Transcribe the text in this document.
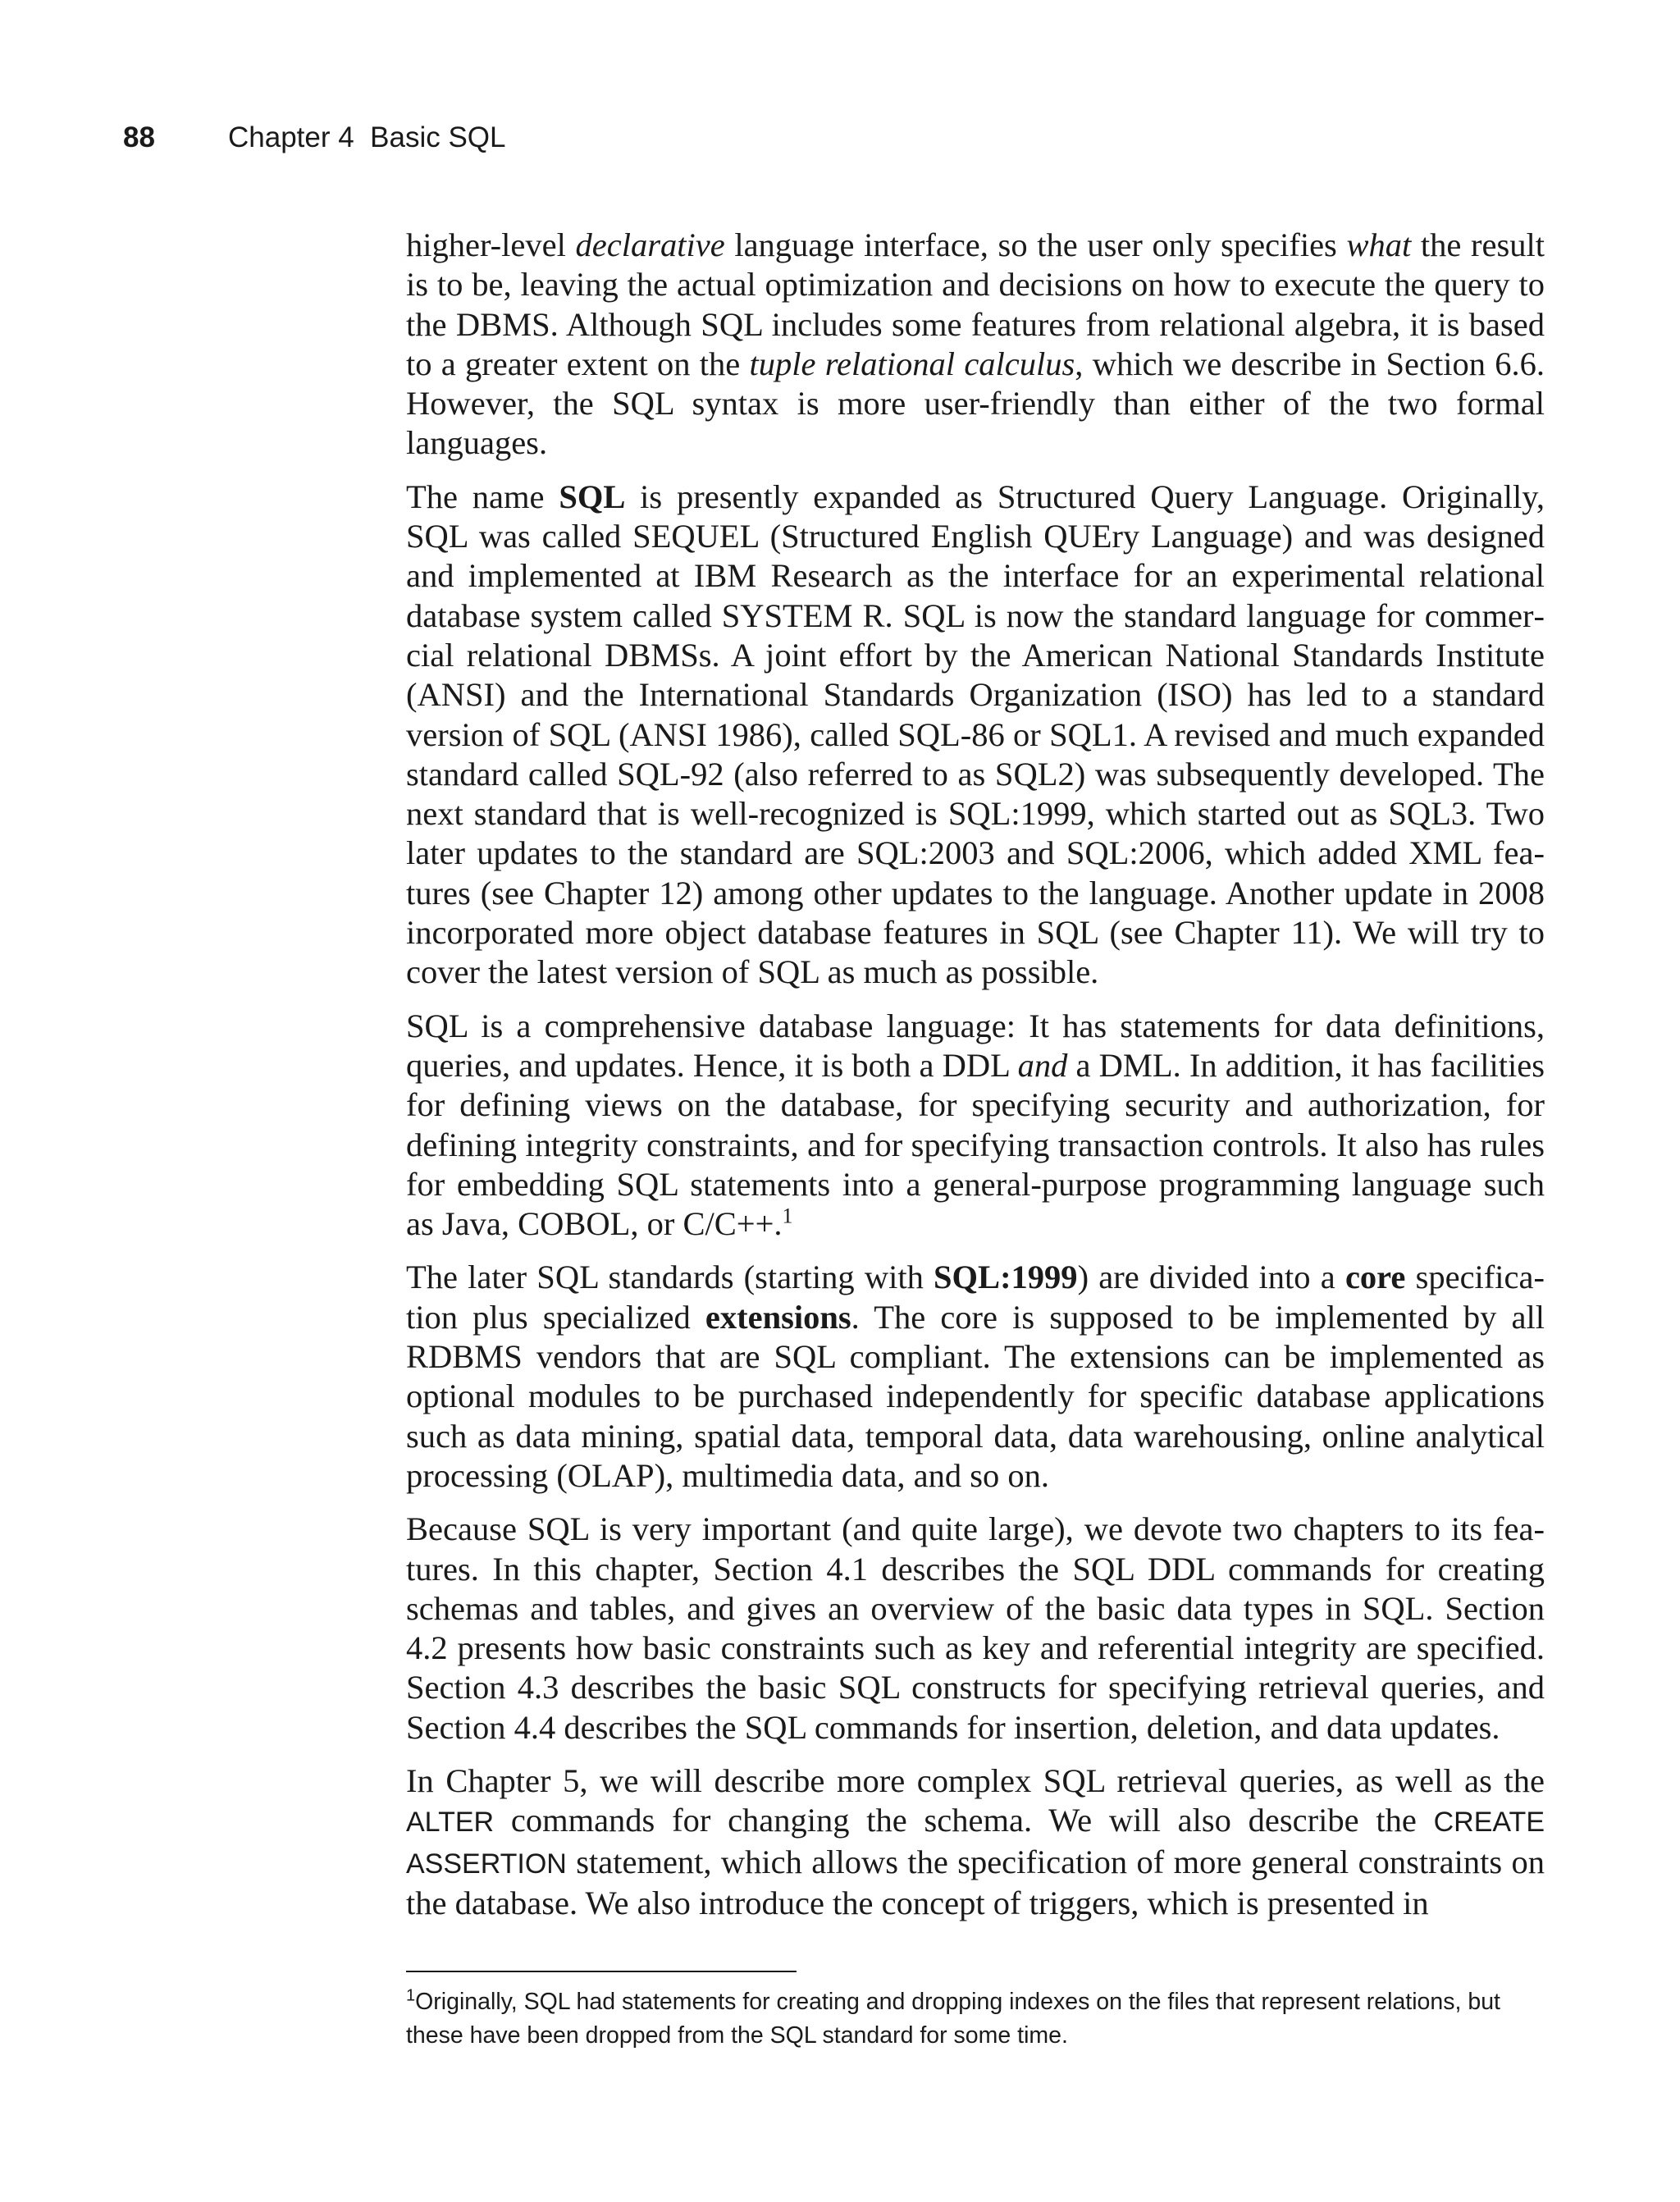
88	Chapter 4  Basic SQL

higher-level declarative language interface, so the user only specifies what the result is to be, leaving the actual optimization and decisions on how to execute the query to the DBMS. Although SQL includes some features from relational algebra, it is based to a greater extent on the tuple relational calculus, which we describe in Section 6.6. However, the SQL syntax is more user-friendly than either of the two formal languages.

The name SQL is presently expanded as Structured Query Language. Originally, SQL was called SEQUEL (Structured English QUEry Language) and was designed and implemented at IBM Research as the interface for an experimental relational database system called SYSTEM R. SQL is now the standard language for commercial relational DBMSs. A joint effort by the American National Standards Institute (ANSI) and the International Standards Organization (ISO) has led to a standard version of SQL (ANSI 1986), called SQL-86 or SQL1. A revised and much expanded standard called SQL-92 (also referred to as SQL2) was subsequently developed. The next standard that is well-recognized is SQL:1999, which started out as SQL3. Two later updates to the standard are SQL:2003 and SQL:2006, which added XML features (see Chapter 12) among other updates to the language. Another update in 2008 incorporated more object database features in SQL (see Chapter 11). We will try to cover the latest version of SQL as much as possible.

SQL is a comprehensive database language: It has statements for data definitions, queries, and updates. Hence, it is both a DDL and a DML. In addition, it has facilities for defining views on the database, for specifying security and authorization, for defining integrity constraints, and for specifying transaction controls. It also has rules for embedding SQL statements into a general-purpose programming language such as Java, COBOL, or C/C++.$^1$

The later SQL standards (starting with SQL:1999) are divided into a core specification plus specialized extensions. The core is supposed to be implemented by all RDBMS vendors that are SQL compliant. The extensions can be implemented as optional modules to be purchased independently for specific database applications such as data mining, spatial data, temporal data, data warehousing, online analytical processing (OLAP), multimedia data, and so on.

Because SQL is very important (and quite large), we devote two chapters to its features. In this chapter, Section 4.1 describes the SQL DDL commands for creating schemas and tables, and gives an overview of the basic data types in SQL. Section 4.2 presents how basic constraints such as key and referential integrity are specified. Section 4.3 describes the basic SQL constructs for specifying retrieval queries, and Section 4.4 describes the SQL commands for insertion, deletion, and data updates.

In Chapter 5, we will describe more complex SQL retrieval queries, as well as the ALTER commands for changing the schema. We will also describe the CREATE ASSERTION statement, which allows the specification of more general constraints on the database. We also introduce the concept of triggers, which is presented in

$^1$Originally, SQL had statements for creating and dropping indexes on the files that represent relations, but these have been dropped from the SQL standard for some time.
